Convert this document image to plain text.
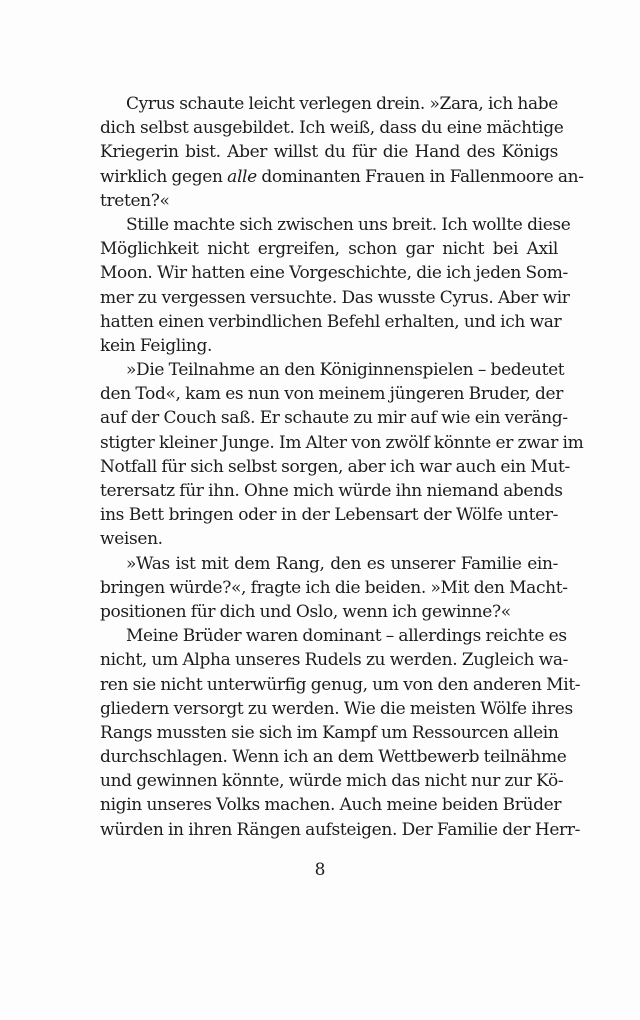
Cyrus schaute leicht verlegen drein. »Zara, ich habe
dich selbst ausgebildet. Ich weiß, dass du eine mächtige
Kriegerin bist. Aber willst du für die Hand des Königs
wirklich gegen alle dominanten Frauen in Fallenmoore an-
treten?«
Stille machte sich zwischen uns breit. Ich wollte diese
Möglichkeit nicht ergreifen, schon gar nicht bei Axil
Moon. Wir hatten eine Vorgeschichte, die ich jeden Som-
mer zu vergessen versuchte. Das wusste Cyrus. Aber wir
hatten einen verbindlichen Befehl erhalten, und ich war
kein Feigling.
»Die Teilnahme an den Königinnenspielen – bedeutet
den Tod«, kam es nun von meinem jüngeren Bruder, der
auf der Couch saß. Er schaute zu mir auf wie ein veräng-
stigter kleiner Junge. Im Alter von zwölf könnte er zwar im
Notfall für sich selbst sorgen, aber ich war auch ein Mut-
terersatz für ihn. Ohne mich würde ihn niemand abends
ins Bett bringen oder in der Lebensart der Wölfe unter-
weisen.
»Was ist mit dem Rang, den es unserer Familie ein-
bringen würde?«, fragte ich die beiden. »Mit den Macht-
positionen für dich und Oslo, wenn ich gewinne?«
Meine Brüder waren dominant – allerdings reichte es
nicht, um Alpha unseres Rudels zu werden. Zugleich wa-
ren sie nicht unterwürfig genug, um von den anderen Mit-
gliedern versorgt zu werden. Wie die meisten Wölfe ihres
Rangs mussten sie sich im Kampf um Ressourcen allein
durchschlagen. Wenn ich an dem Wettbewerb teilnähme
und gewinnen könnte, würde mich das nicht nur zur Kö-
nigin unseres Volks machen. Auch meine beiden Brüder
würden in ihren Rängen aufsteigen. Der Familie der Herr-
8
